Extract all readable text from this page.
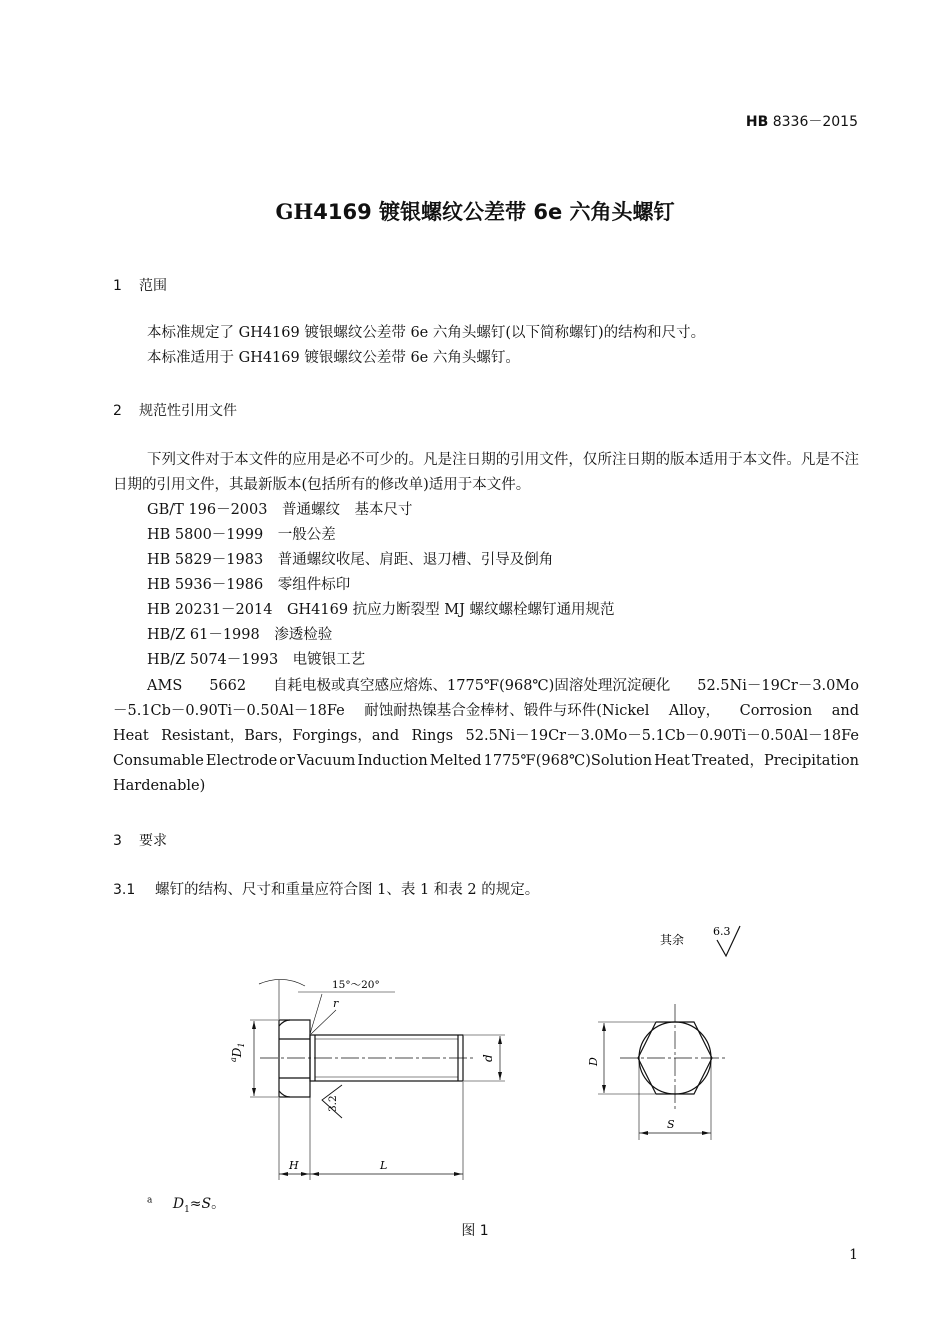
HB 8336－2015
GH4169 镀银螺纹公差带 6e 六角头螺钉
1 范围
本标准规定了 GH4169 镀银螺纹公差带 6e 六角头螺钉(以下简称螺钉)的结构和尺寸。
本标准适用于 GH4169 镀银螺纹公差带 6e 六角头螺钉。
2 规范性引用文件
下列文件对于本文件的应用是必不可少的。凡是注日期的引用文件，仅所注日期的版本适用于本文件。凡是不注日期的引用文件，其最新版本(包括所有的修改单)适用于本文件。
GB/T 196－2003　普通螺纹　基本尺寸
HB 5800－1999　一般公差
HB 5829－1983　普通螺纹收尾、肩距、退刀槽、引导及倒角
HB 5936－1986　零组件标印
HB 20231－2014　GH4169 抗应力断裂型 MJ 螺纹螺栓螺钉通用规范
HB/Z 61－1998　渗透检验
HB/Z 5074－1993　电镀银工艺
AMS 5662 自耗电极或真空感应熔炼、1775℉(968℃)固溶处理沉淀硬化 52.5Ni－19Cr－3.0Mo
－5.1Cb－0.90Ti－0.50Al－18Fe 耐蚀耐热镍基合金棒材、锻件与环件(Nickel Alloy， Corrosion and
Heat Resistant，Bars，Forgings，and Rings 52.5Ni－19Cr－3.0Mo－5.1Cb－0.90Ti－0.50Al－18Fe
Consumable Electrode or Vacuum Induction Melted 1775℉(968℃)Solution Heat Treated，Precipitation
Hardenable)
3 要求
3.1 螺钉的结构、尺寸和重量应符合图 1、表 1 和表 2 的规定。
其余
6.3
15°～20°
r
$^aD_1$
d
3.2
H	L
D
S
$^a$ $D_1\approx S$。
图 1
1
